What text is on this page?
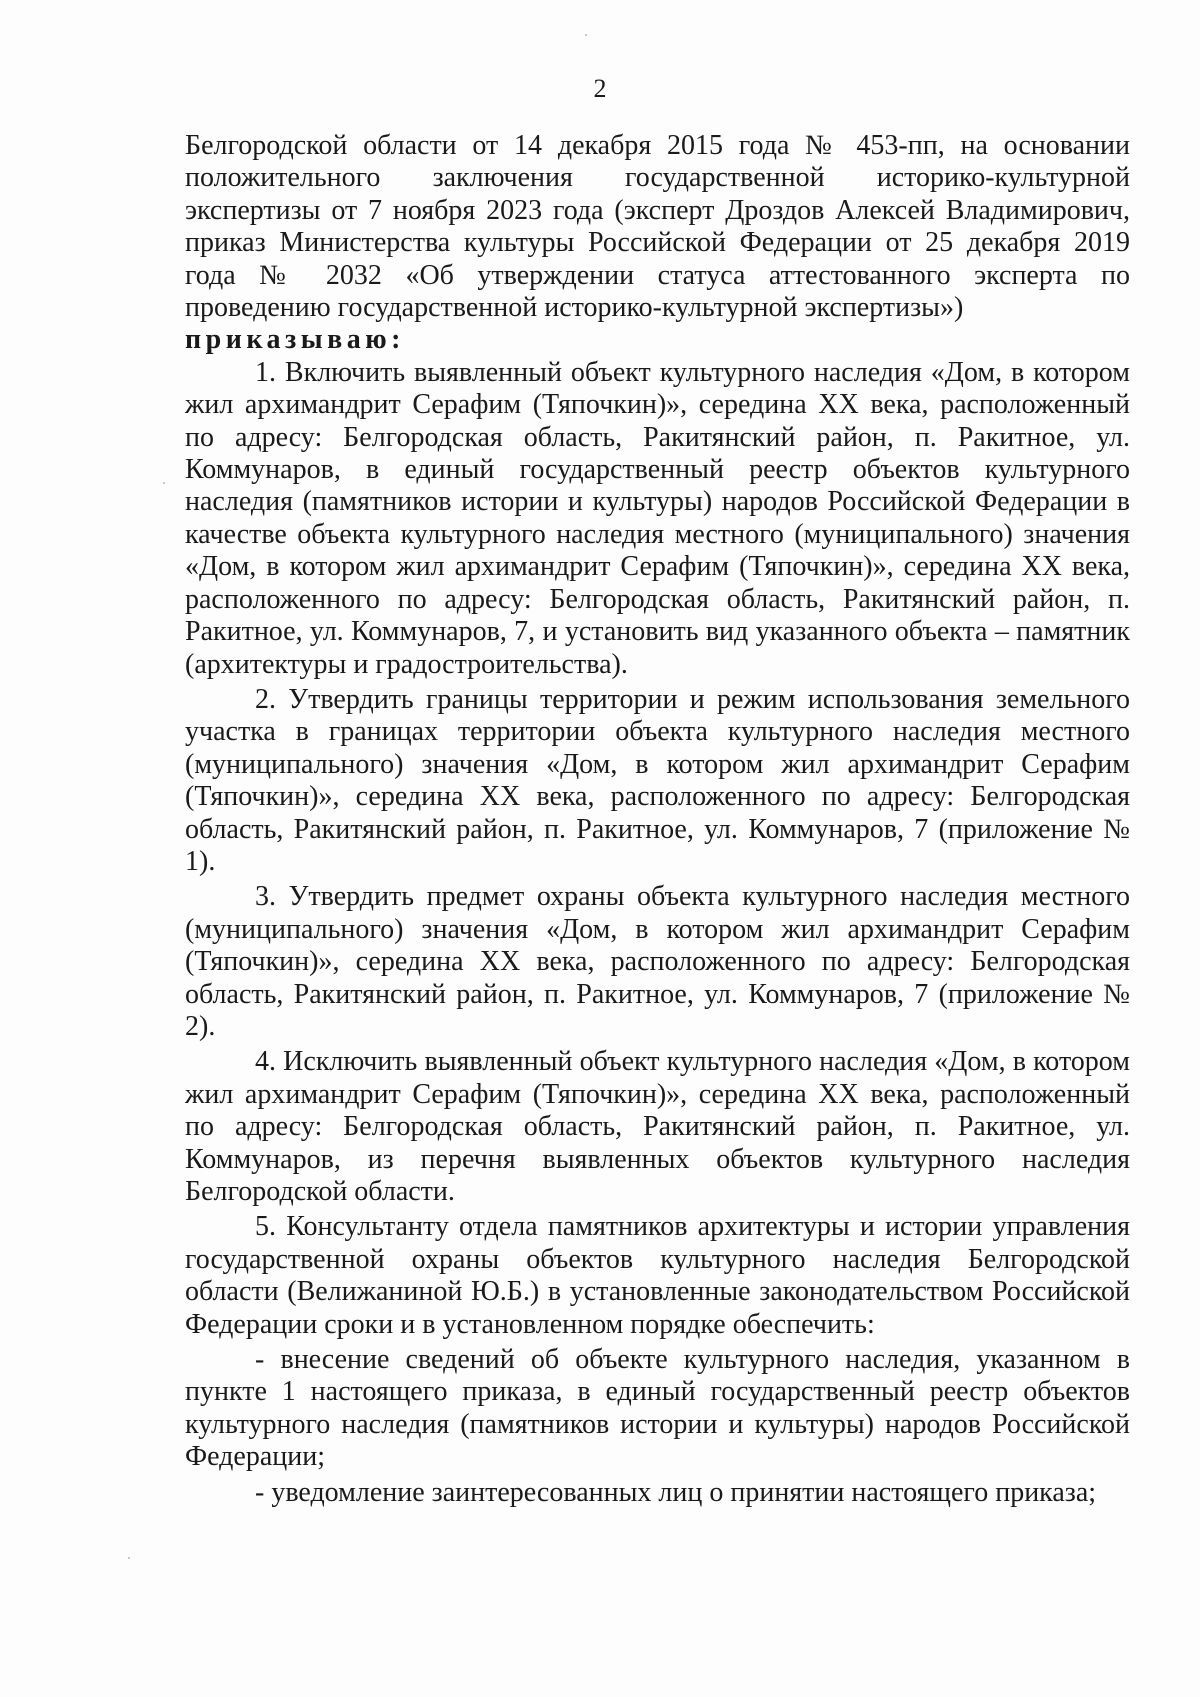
2

Белгородской области от 14 декабря 2015 года № 453-пп, на основании положительного заключения государственной историко-культурной экспертизы от 7 ноября 2023 года (эксперт Дроздов Алексей Владимирович, приказ Министерства культуры Российской Федерации от 25 декабря 2019 года № 2032 «Об утверждении статуса аттестованного эксперта по проведению государственной историко-культурной экспертизы»)

приказываю:

1. Включить выявленный объект культурного наследия «Дом, в котором жил архимандрит Серафим (Тяпочкин)», середина XX века, расположенный по адресу: Белгородская область, Ракитянский район, п. Ракитное, ул. Коммунаров, в единый государственный реестр объектов культурного наследия (памятников истории и культуры) народов Российской Федерации в качестве объекта культурного наследия местного (муниципального) значения «Дом, в котором жил архимандрит Серафим (Тяпочкин)», середина XX века, расположенного по адресу: Белгородская область, Ракитянский район, п. Ракитное, ул. Коммунаров, 7, и установить вид указанного объекта – памятник (архитектуры и градостроительства).

2. Утвердить границы территории и режим использования земельного участка в границах территории объекта культурного наследия местного (муниципального) значения «Дом, в котором жил архимандрит Серафим (Тяпочкин)», середина XX века, расположенного по адресу: Белгородская область, Ракитянский район, п. Ракитное, ул. Коммунаров, 7 (приложение № 1).

3. Утвердить предмет охраны объекта культурного наследия местного (муниципального) значения «Дом, в котором жил архимандрит Серафим (Тяпочкин)», середина XX века, расположенного по адресу: Белгородская область, Ракитянский район, п. Ракитное, ул. Коммунаров, 7 (приложение № 2).

4. Исключить выявленный объект культурного наследия «Дом, в котором жил архимандрит Серафим (Тяпочкин)», середина XX века, расположенный по адресу: Белгородская область, Ракитянский район, п. Ракитное, ул. Коммунаров, из перечня выявленных объектов культурного наследия Белгородской области.

5. Консультанту отдела памятников архитектуры и истории управления государственной охраны объектов культурного наследия Белгородской области (Велижаниной Ю.Б.) в установленные законодательством Российской Федерации сроки и в установленном порядке обеспечить:

- внесение сведений об объекте культурного наследия, указанном в пункте 1 настоящего приказа, в единый государственный реестр объектов культурного наследия (памятников истории и культуры) народов Российской Федерации;

- уведомление заинтересованных лиц о принятии настоящего приказа;
